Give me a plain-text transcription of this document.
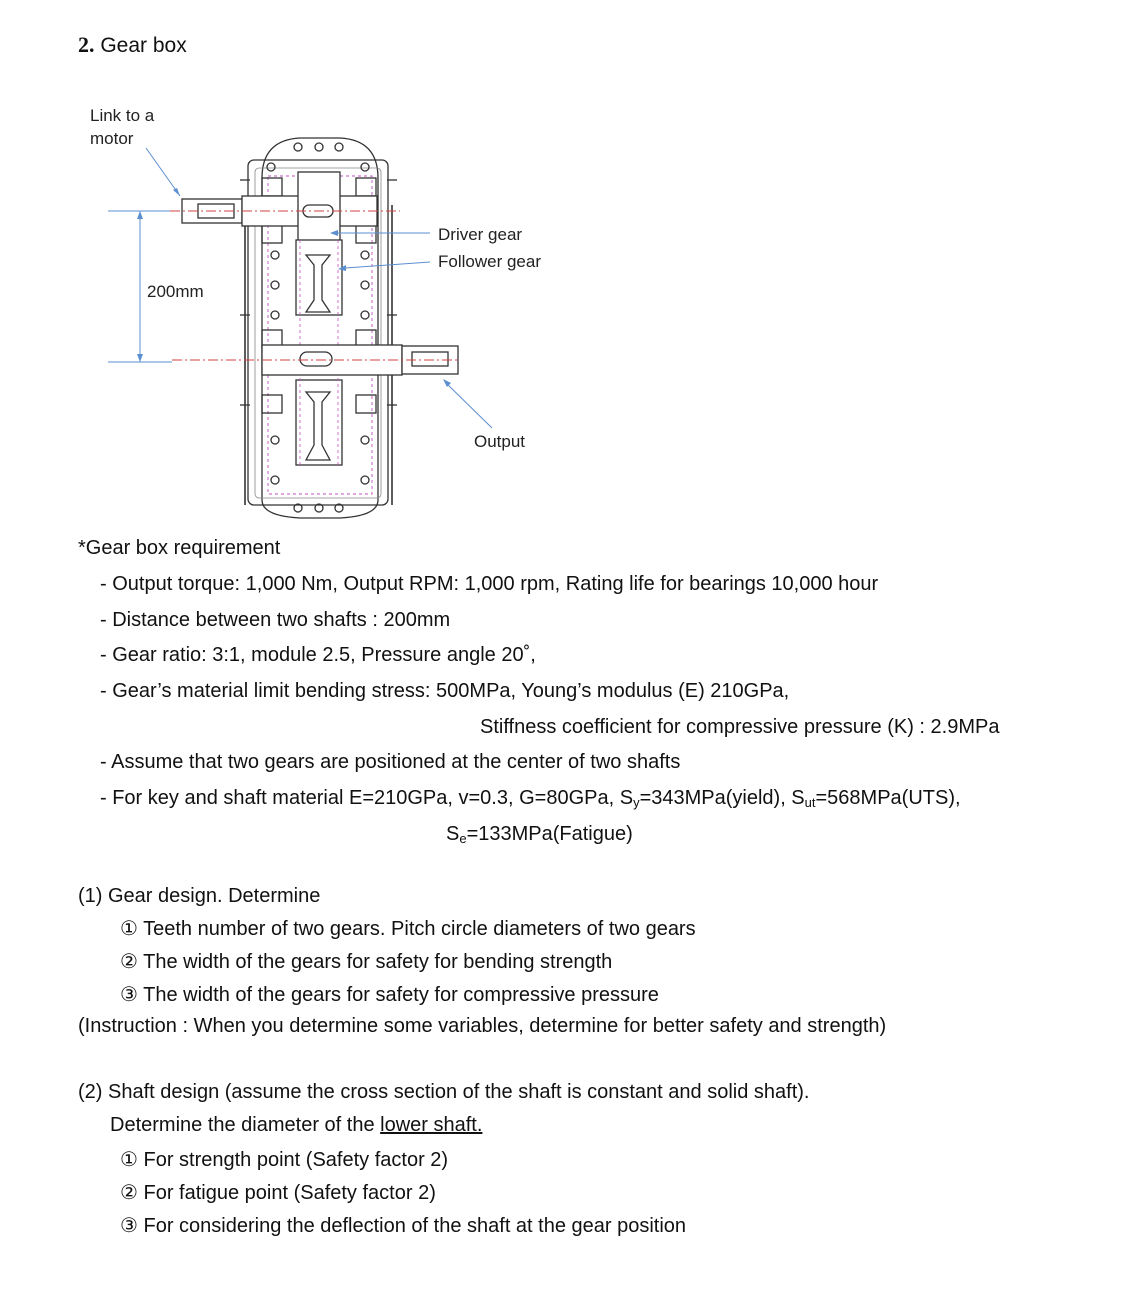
2. Gear box
Link to a
motor
200mm
Driver gear
Follower gear
Output
*Gear box requirement
- Output torque: 1,000 Nm, Output RPM: 1,000 rpm, Rating life for bearings 10,000 hour
- Distance between two shafts : 200mm
- Gear ratio: 3:1, module 2.5, Pressure angle 20˚,
- Gear’s material limit bending stress: 500MPa, Young’s modulus (E) 210GPa,
Stiffness coefficient for compressive pressure (K) : 2.9MPa
- Assume that two gears are positioned at the center of two shafts
- For key and shaft material E=210GPa, v=0.3, G=80GPa, $S_y=343MPa(yield)$, $S_{ut}=568MPa(UTS)$,
$S_e=133MPa(Fatigue)$
(1) Gear design. Determine
① Teeth number of two gears. Pitch circle diameters of two gears
② The width of the gears for safety for bending strength
③ The width of the gears for safety for compressive pressure
(Instruction : When you determine some variables, determine for better safety and strength)
(2) Shaft design (assume the cross section of the shaft is constant and solid shaft).
Determine the diameter of the lower shaft.
① For strength point (Safety factor 2)
② For fatigue point (Safety factor 2)
③ For considering the deflection of the shaft at the gear position
